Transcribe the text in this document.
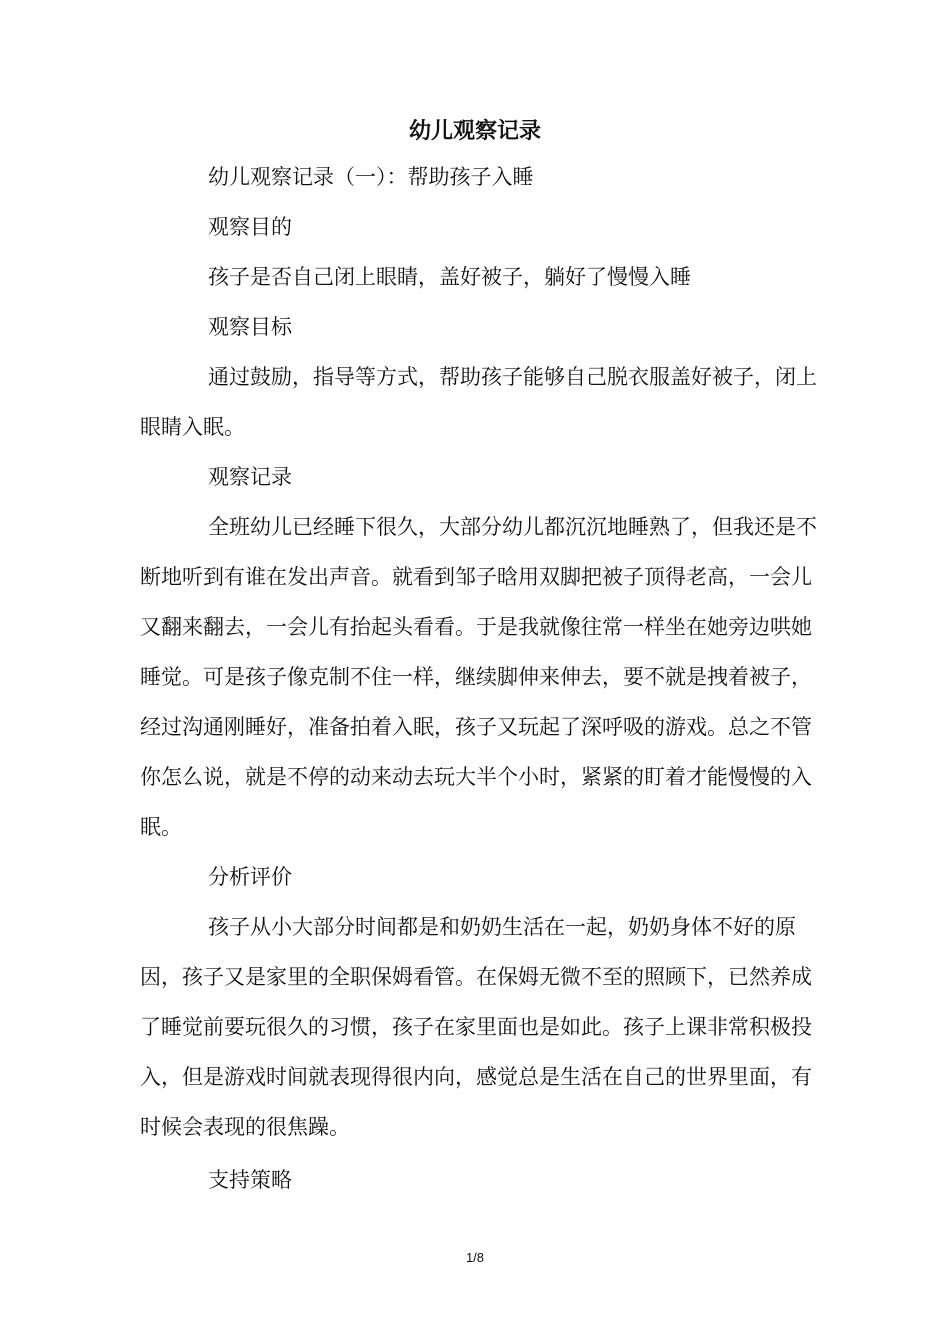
幼儿观察记录

幼儿观察记录（一）：帮助孩子入睡

观察目的

孩子是否自己闭上眼睛，盖好被子，躺好了慢慢入睡

观察目标

通过鼓励，指导等方式，帮助孩子能够自己脱衣服盖好被子，闭上眼睛入眠。

观察记录

全班幼儿已经睡下很久，大部分幼儿都沉沉地睡熟了，但我还是不断地听到有谁在发出声音。就看到邹子晗用双脚把被子顶得老高，一会儿又翻来翻去，一会儿有抬起头看看。于是我就像往常一样坐在她旁边哄她睡觉。可是孩子像克制不住一样，继续脚伸来伸去，要不就是拽着被子，经过沟通刚睡好，准备拍着入眠，孩子又玩起了深呼吸的游戏。总之不管你怎么说，就是不停的动来动去玩大半个小时，紧紧的盯着才能慢慢的入眠。

分析评价

孩子从小大部分时间都是和奶奶生活在一起，奶奶身体不好的原因，孩子又是家里的全职保姆看管。在保姆无微不至的照顾下，已然养成了睡觉前要玩很久的习惯，孩子在家里面也是如此。孩子上课非常积极投入，但是游戏时间就表现得很内向，感觉总是生活在自己的世界里面，有时候会表现的很焦躁。

支持策略

1/8
